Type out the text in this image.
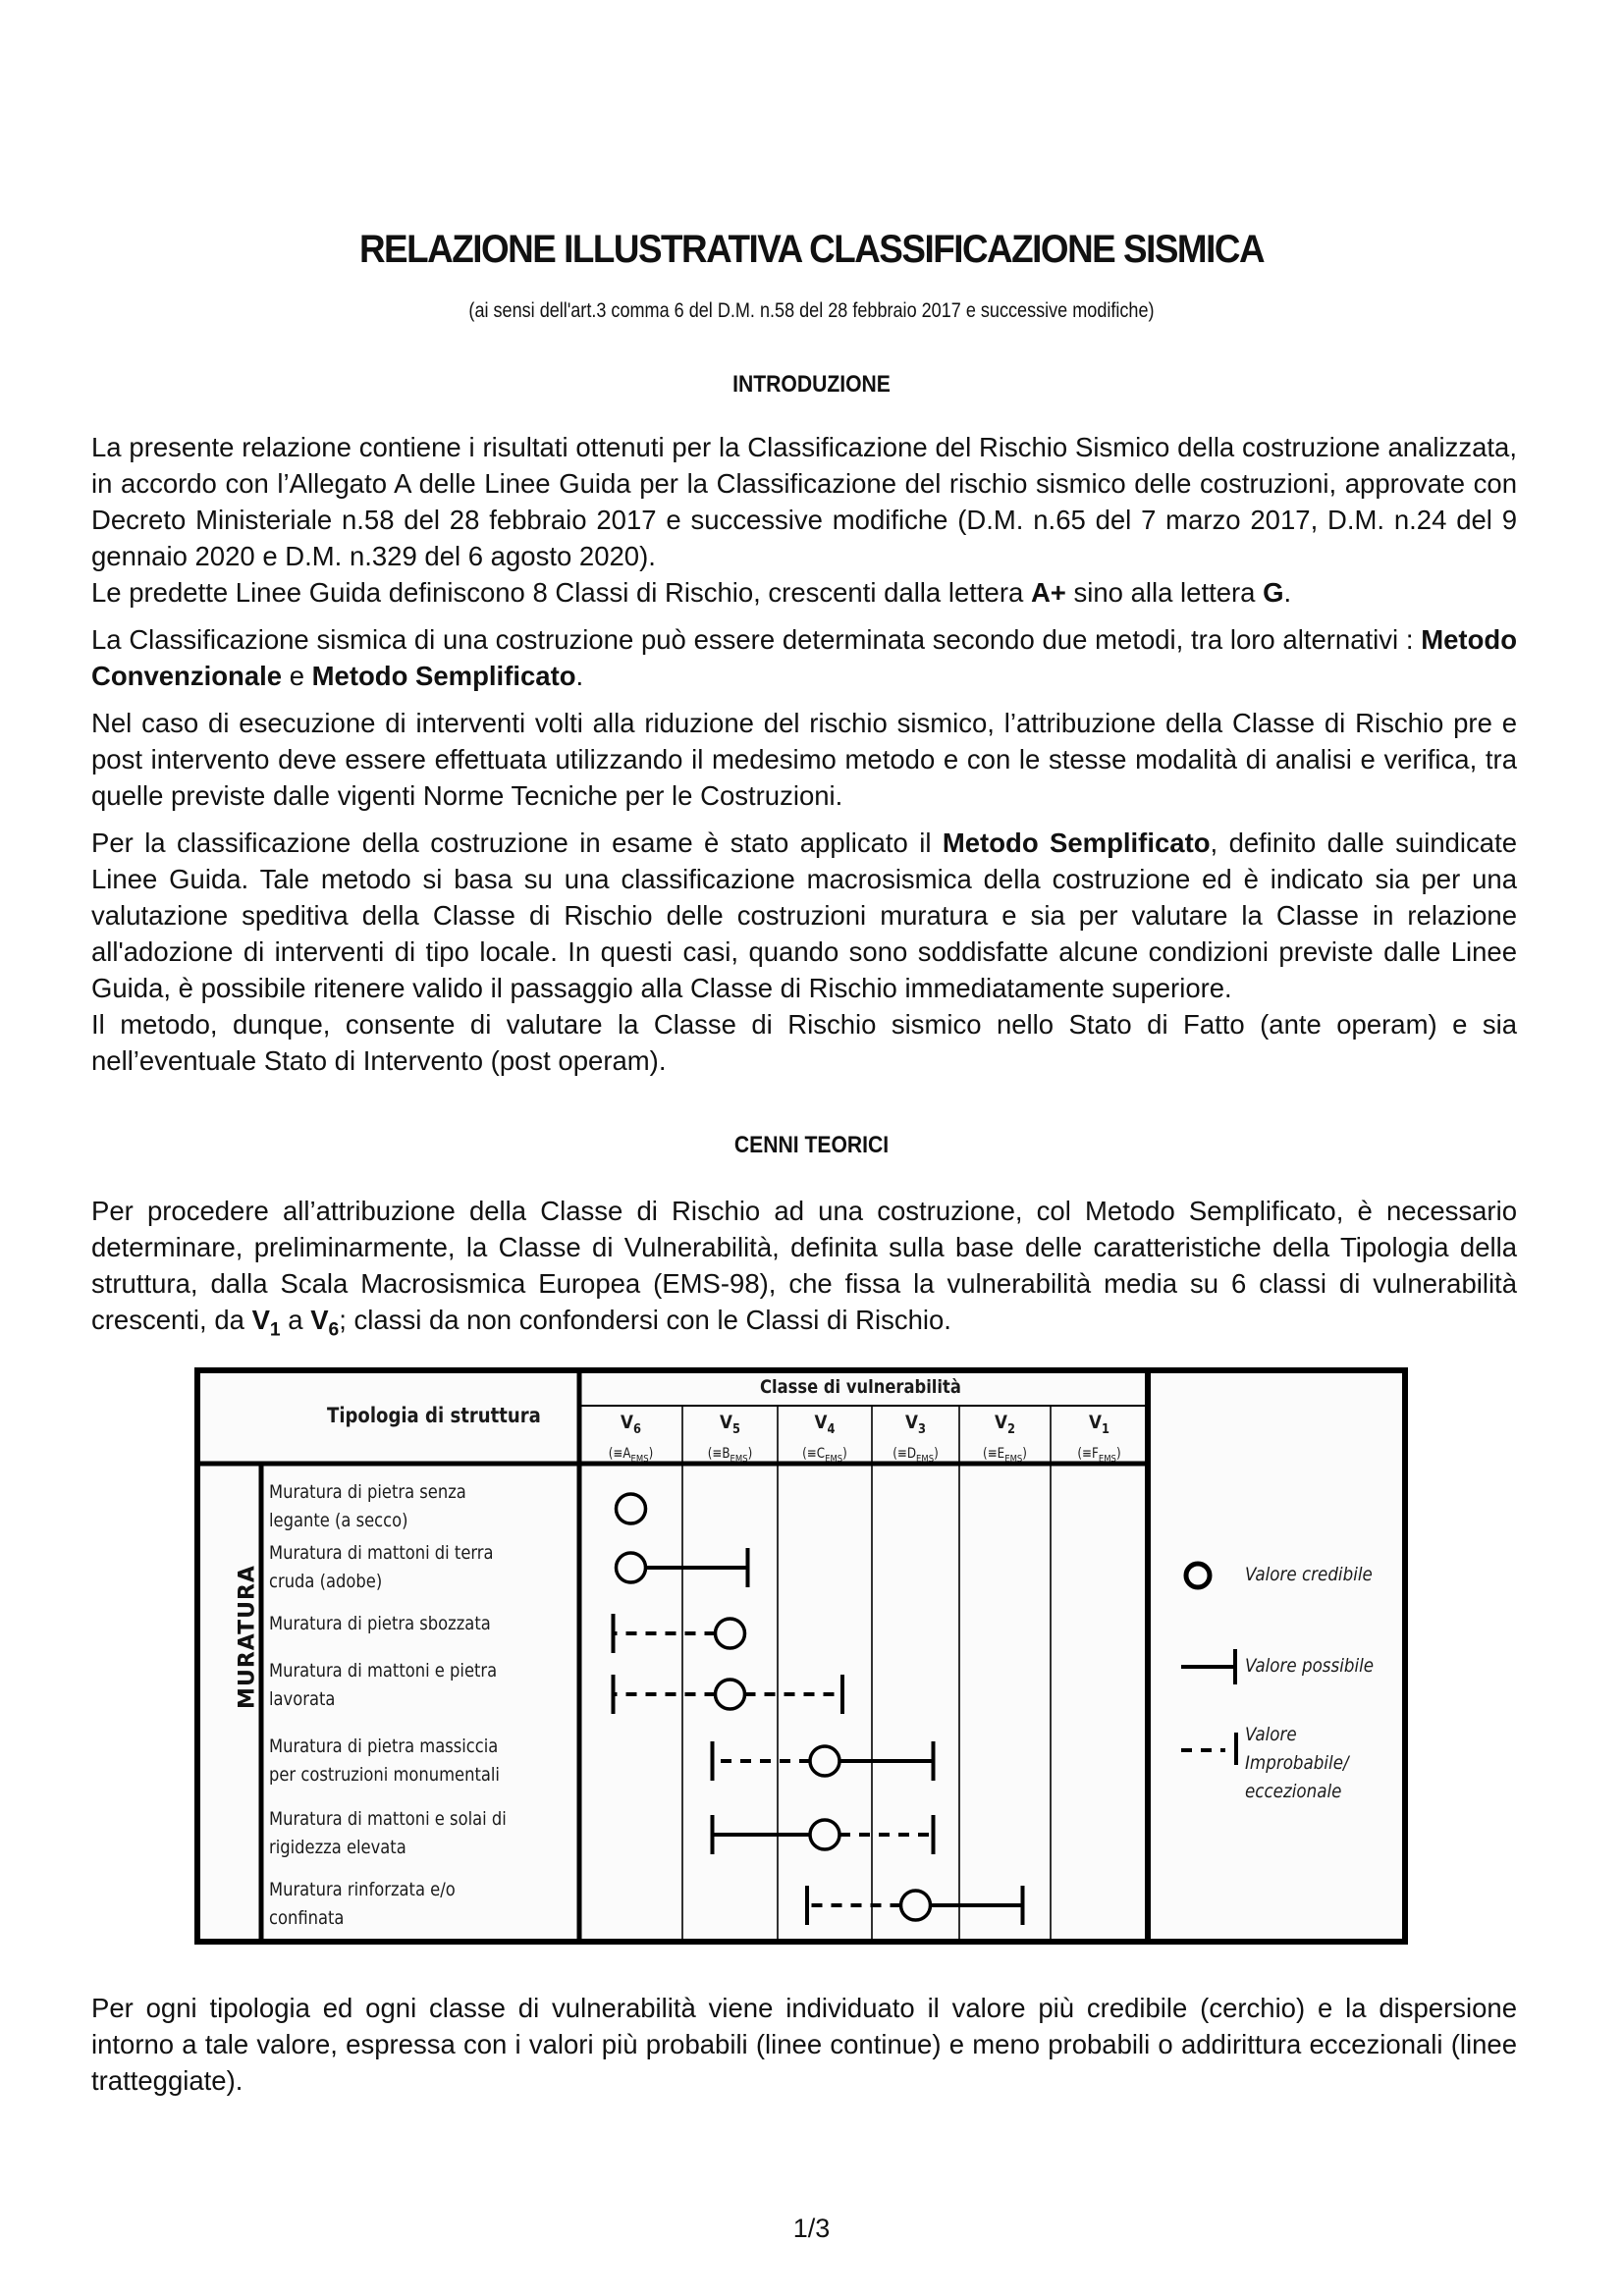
RELAZIONE ILLUSTRATIVA CLASSIFICAZIONE SISMICA
(ai sensi dell'art.3 comma 6 del D.M. n.58 del 28 febbraio 2017 e successive modifiche)
INTRODUZIONE

La presente relazione contiene i risultati ottenuti per la Classificazione del Rischio Sismico della costruzione analizzata, in accordo con l’Allegato A delle Linee Guida per la Classificazione del rischio sismico delle costruzioni, approvate con Decreto Ministeriale n.58 del 28 febbraio 2017 e successive modifiche (D.M. n.65 del 7 marzo 2017, D.M. n.24 del 9 gennaio 2020 e D.M. n.329 del 6 agosto 2020).

Le predette Linee Guida definiscono 8 Classi di Rischio, crescenti dalla lettera A+ sino alla lettera G.

La Classificazione sismica di una costruzione può essere determinata secondo due metodi, tra loro alternativi : Metodo Convenzionale e Metodo Semplificato.

Nel caso di esecuzione di interventi volti alla riduzione del rischio sismico, l’attribuzione della Classe di Rischio pre e post intervento deve essere effettuata utilizzando il medesimo metodo e con le stesse modalità di analisi e verifica, tra quelle previste dalle vigenti Norme Tecniche per le Costruzioni.

Per la classificazione della costruzione in esame è stato applicato il Metodo Semplificato, definito dalle suindicate Linee Guida. Tale metodo si basa su una classificazione macrosismica della costruzione ed è indicato sia per una valutazione speditiva della Classe di Rischio delle costruzioni muratura e sia per valutare la Classe in relazione all'adozione di interventi di tipo locale. In questi casi, quando sono soddisfatte alcune condizioni previste dalle Linee Guida, è possibile ritenere valido il passaggio alla Classe di Rischio immediatamente superiore.

Il metodo, dunque, consente di valutare la Classe di Rischio sismico nello Stato di Fatto (ante operam) e sia nell’eventuale Stato di Intervento (post operam).

CENNI TEORICI

Per procedere all’attribuzione della Classe di Rischio ad una costruzione, col Metodo Semplificato, è necessario determinare, preliminarmente, la Classe di Vulnerabilità, definita sulla base delle caratteristiche della Tipologia della struttura, dalla Scala Macrosismica Europea (EMS-98), che fissa la vulnerabilità media su 6 classi di vulnerabilità crescenti, da $V_1$ a $V_6$; classi da non confondersi con le Classi di Rischio.

Tipologia di struttura
Classe di vulnerabilità
$V_6$
$(\equiv A_{EMS})$
$V_5$
$(\equiv B_{EMS})$
$V_4$
$(\equiv C_{EMS})$
$V_3$
$(\equiv D_{EMS})$
$V_2$
$(\equiv E_{EMS})$
$V_1$
$(\equiv F_{EMS})$
MURATURA
Muratura di pietra senza
legante (a secco)
Muratura di mattoni di terra
cruda (adobe)
Muratura di pietra sbozzata
Muratura di mattoni e pietra
lavorata
Muratura di pietra massiccia
per costruzioni monumentali
Muratura di mattoni e solai di
rigidezza elevata
Muratura rinforzata e/o
confinata
Valore credibile
Valore possibile
Valore
Improbabile/
eccezionale

Per ogni tipologia ed ogni classe di vulnerabilità viene individuato il valore più credibile (cerchio) e la dispersione intorno a tale valore, espressa con i valori più probabili (linee continue) e meno probabili o addirittura eccezionali (linee tratteggiate).

1/3
